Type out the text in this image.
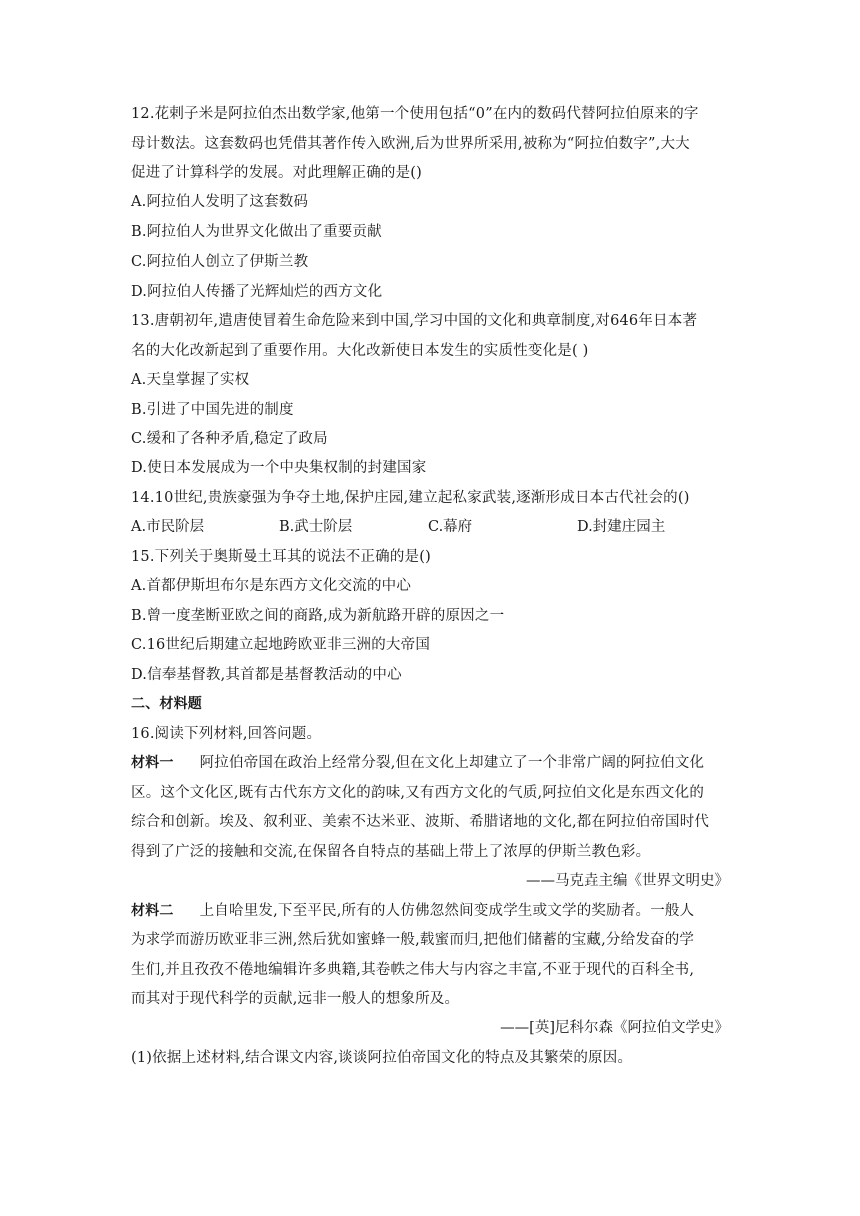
12.花剌子米是阿拉伯杰出数学家,他第一个使用包括“0”在内的数码代替阿拉伯原来的字
母计数法。这套数码也凭借其著作传入欧洲,后为世界所采用,被称为“阿拉伯数字”,大大
促进了计算科学的发展。对此理解正确的是()
A.阿拉伯人发明了这套数码
B.阿拉伯人为世界文化做出了重要贡献
C.阿拉伯人创立了伊斯兰教
D.阿拉伯人传播了光辉灿烂的西方文化
13.唐朝初年,遣唐使冒着生命危险来到中国,学习中国的文化和典章制度,对646年日本著
名的大化改新起到了重要作用。大化改新使日本发生的实质性变化是( )
A.天皇掌握了实权
B.引进了中国先进的制度
C.缓和了各种矛盾,稳定了政局
D.使日本发展成为一个中央集权制的封建国家
14.10世纪,贵族豪强为争夺土地,保护庄园,建立起私家武装,逐渐形成日本古代社会的()
A.市民阶层	B.武士阶层	C.幕府	D.封建庄园主
15.下列关于奥斯曼土耳其的说法不正确的是()
A.首都伊斯坦布尔是东西方文化交流的中心
B.曾一度垄断亚欧之间的商路,成为新航路开辟的原因之一
C.16世纪后期建立起地跨欧亚非三洲的大帝国
D.信奉基督教,其首都是基督教活动的中心
二、材料题
16.阅读下列材料,回答问题。
材料一 阿拉伯帝国在政治上经常分裂,但在文化上却建立了一个非常广阔的阿拉伯文化
区。这个文化区,既有古代东方文化的韵味,又有西方文化的气质,阿拉伯文化是东西文化的
综合和创新。埃及、叙利亚、美索不达米亚、波斯、希腊诸地的文化,都在阿拉伯帝国时代
得到了广泛的接触和交流,在保留各自特点的基础上带上了浓厚的伊斯兰教色彩。
——马克垚主编《世界文明史》
材料二 上自哈里发,下至平民,所有的人仿佛忽然间变成学生或文学的奖励者。一般人
为求学而游历欧亚非三洲,然后犹如蜜蜂一般,载蜜而归,把他们储蓄的宝藏,分给发奋的学
生们,并且孜孜不倦地编辑许多典籍,其卷帙之伟大与内容之丰富,不亚于现代的百科全书,
而其对于现代科学的贡献,远非一般人的想象所及。
——[英]尼科尔森《阿拉伯文学史》
(1)依据上述材料,结合课文内容,谈谈阿拉伯帝国文化的特点及其繁荣的原因。
